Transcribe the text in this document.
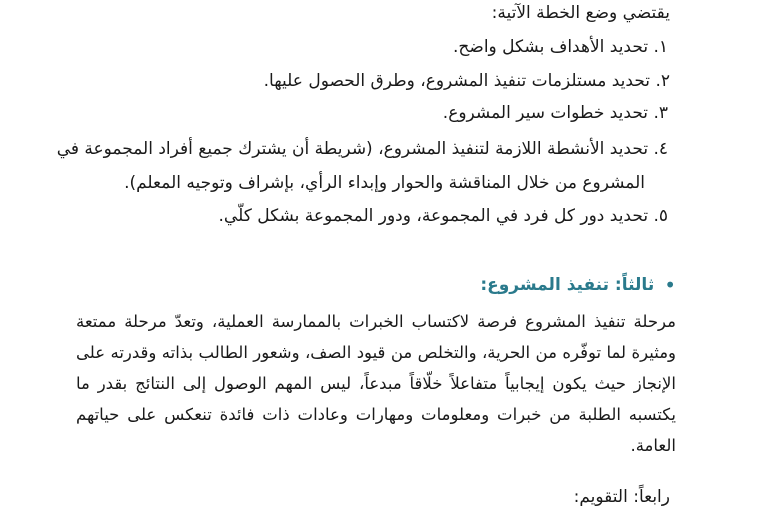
يقتضي وضع الخطة الآتية:
١. تحديد الأهداف بشكل واضح.
٢. تحديد مستلزمات تنفيذ المشروع، وطرق الحصول عليها.
٣. تحديد خطوات سير المشروع.
٤. تحديد الأنشطة اللازمة لتنفيذ المشروع، (شريطة أن يشترك جميع أفراد المجموعة في
المشروع من خلال المناقشة والحوار وإبداء الرأي، بإشراف وتوجيه المعلم).
٥. تحديد دور كل فرد في المجموعة، ودور المجموعة بشكل كلّي.
•
ثالثاً: تنفيذ المشروع:
مرحلة تنفيذ المشروع فرصة لاكتساب الخبرات بالممارسة العملية، وتعدّ مرحلة ممتعة ومثيرة لما توفّره من الحرية، والتخلص من قيود الصف، وشعور الطالب بذاته وقدرته على الإنجاز حيث يكون إيجابياً متفاعلاً خلّاقاً مبدعاً، ليس المهم الوصول إلى النتائج بقدر ما يكتسبه الطلبة من خبرات ومعلومات ومهارات وعادات ذات فائدة تنعكس على حياتهم العامة.
رابعاً: التقويم:
